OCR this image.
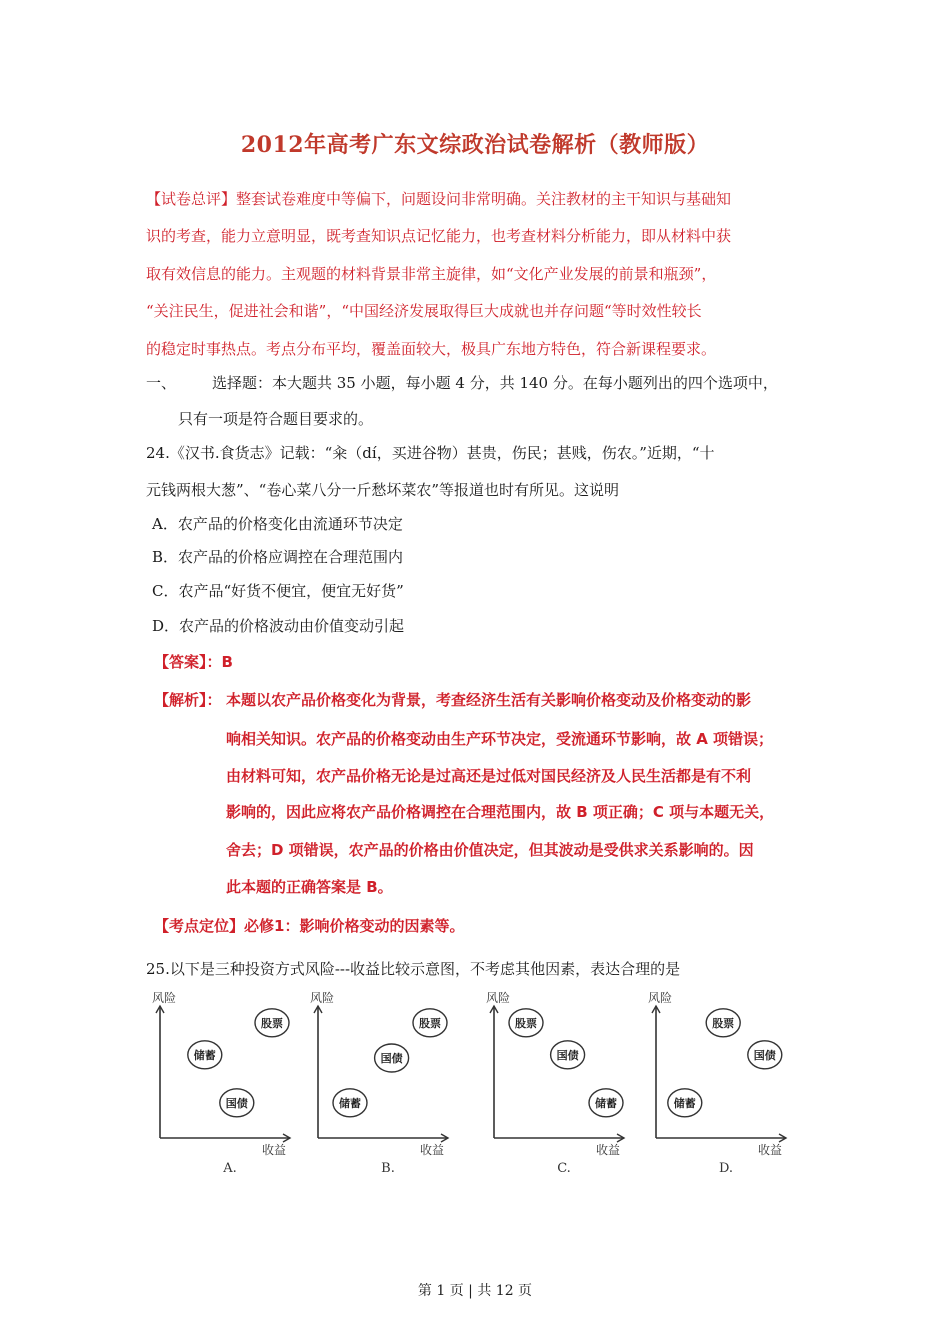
2012年高考广东文综政治试卷解析（教师版）
【试卷总评】整套试卷难度中等偏下，问题设问非常明确。关注教材的主干知识与基础知
识的考查，能力立意明显，既考查知识点记忆能力，也考查材料分析能力，即从材料中获
取有效信息的能力。主观题的材料背景非常主旋律，如“文化产业发展的前景和瓶颈”，
“关注民生，促进社会和谐”，“中国经济发展取得巨大成就也并存问题“等时效性较长
的稳定时事热点。考点分布平均，覆盖面较大，极具广东地方特色，符合新课程要求。
一、 选择题：本大题共 35 小题，每小题 4 分，共 140 分。在每小题列出的四个选项中，
只有一项是符合题目要求的。
24.《汉书.食货志》记载：“籴（dí，买进谷物）甚贵，伤民；甚贱，伤农。”近期，“十
元钱两根大葱”、“卷心菜八分一斤愁坏菜农”等报道也时有所见。这说明
A．农产品的价格变化由流通环节决定
B．农产品的价格应调控在合理范围内
C．农产品“好货不便宜，便宜无好货”
D．农产品的价格波动由价值变动引起
【答案】：B
【解析】： 本题以农产品价格变化为背景，考查经济生活有关影响价格变动及价格变动的影
响相关知识。农产品的价格变动由生产环节决定，受流通环节影响，故 A 项错误；
由材料可知，农产品价格无论是过高还是过低对国民经济及人民生活都是有不利
影响的，因此应将农产品价格调控在合理范围内，故 B 项正确；C 项与本题无关，
舍去；D 项错误，农产品的价格由价值决定，但其波动是受供求关系影响的。因
此本题的正确答案是 B。
【考点定位】必修1：影响价格变动的因素等。
25.以下是三种投资方式风险---收益比较示意图，不考虑其他因素，表达合理的是
风险
收益
A.
储蓄
国债
股票
风险
收益
B.
储蓄
国债
股票
风险
收益
C.
股票
国债
储蓄
风险
收益
D.
储蓄
股票
国债
第 1 页 | 共 12 页
